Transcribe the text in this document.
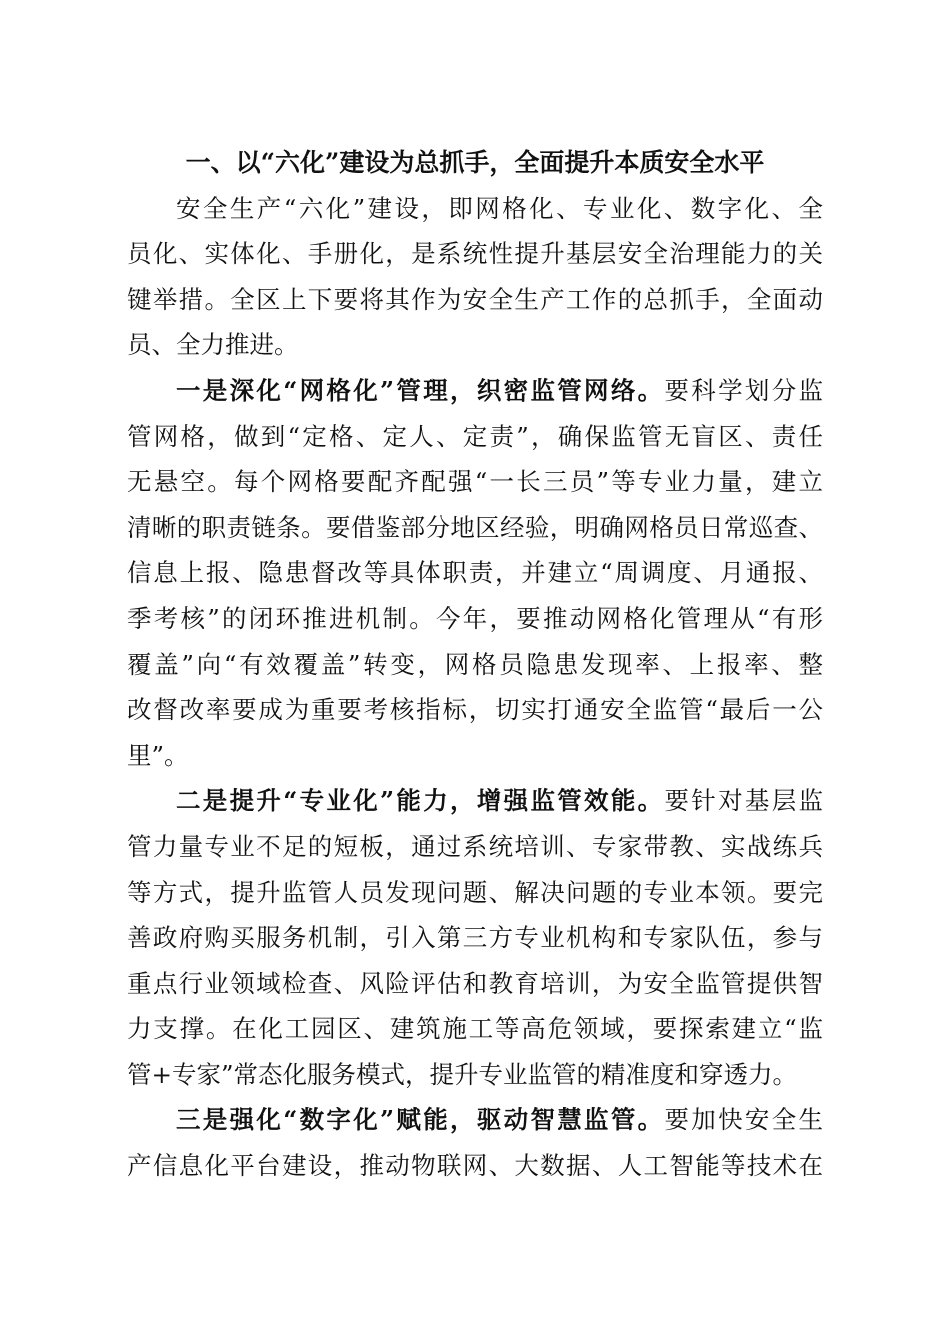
一、以“六化”建设为总抓手，全面提升本质安全水平
安全生产“六化”建设，即网格化、专业化、数字化、全
员化、实体化、手册化，是系统性提升基层安全治理能力的关
键举措。全区上下要将其作为安全生产工作的总抓手，全面动
员、全力推进。
一是深化“网格化”管理，织密监管网络。要科学划分监
管网格，做到“定格、定人、定责”，确保监管无盲区、责任
无悬空。每个网格要配齐配强“一长三员”等专业力量，建立
清晰的职责链条。要借鉴部分地区经验，明确网格员日常巡查、
信息上报、隐患督改等具体职责，并建立“周调度、月通报、
季考核”的闭环推进机制。今年，要推动网格化管理从“有形
覆盖”向“有效覆盖”转变，网格员隐患发现率、上报率、整
改督改率要成为重要考核指标，切实打通安全监管“最后一公
里”。
二是提升“专业化”能力，增强监管效能。要针对基层监
管力量专业不足的短板，通过系统培训、专家带教、实战练兵
等方式，提升监管人员发现问题、解决问题的专业本领。要完
善政府购买服务机制，引入第三方专业机构和专家队伍，参与
重点行业领域检查、风险评估和教育培训，为安全监管提供智
力支撑。在化工园区、建筑施工等高危领域，要探索建立“监
管+专家”常态化服务模式，提升专业监管的精准度和穿透力。
三是强化“数字化”赋能，驱动智慧监管。要加快安全生
产信息化平台建设，推动物联网、大数据、人工智能等技术在
